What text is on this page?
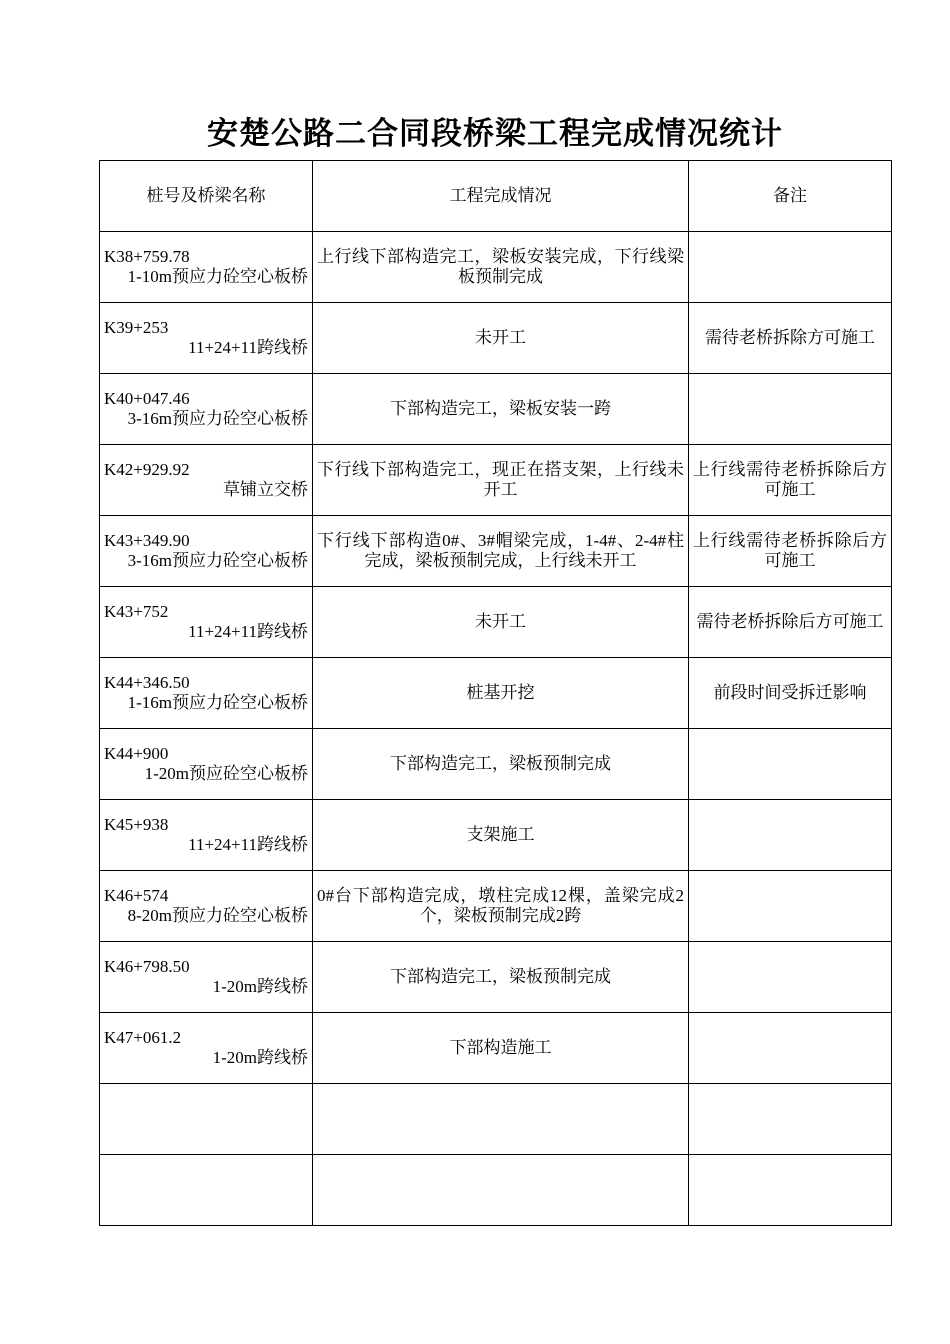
安楚公路二合同段桥梁工程完成情况统计
桩号及桥梁名称	工程完成情况	备注

K38+759.78
1-10m预应力砼空心板桥	上行线下部构造完工，梁板安装完成，下行线梁板预制完成	

K39+253
11+24+11跨线桥	未开工	需待老桥拆除方可施工

K40+047.46
3-16m预应力砼空心板桥	下部构造完工，梁板安装一跨	

K42+929.92
草铺立交桥	下行线下部构造完工，现正在搭支架，上行线未开工	上行线需待老桥拆除后方可施工

K43+349.90
3-16m预应力砼空心板桥	下行线下部构造0#、3#帽梁完成，1-4#、2-4#柱完成，梁板预制完成，上行线未开工	上行线需待老桥拆除后方可施工

K43+752
11+24+11跨线桥	未开工	需待老桥拆除后方可施工

K44+346.50
1-16m预应力砼空心板桥	桩基开挖	前段时间受拆迁影响

K44+900
1-20m预应砼空心板桥	下部构造完工，梁板预制完成	

K45+938
11+24+11跨线桥	支架施工	

K46+574
8-20m预应力砼空心板桥	0#台下部构造完成，墩柱完成12棵，盖梁完成2个，梁板预制完成2跨	

K46+798.50
1-20m跨线桥	下部构造完工，梁板预制完成	

K47+061.2
1-20m跨线桥	下部构造施工	
